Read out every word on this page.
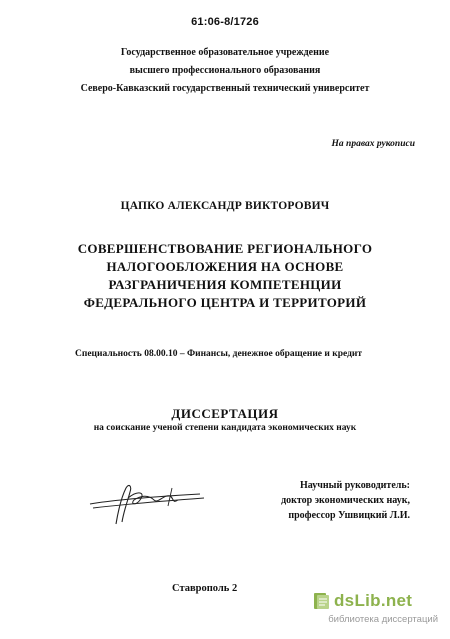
61:06-8/1726
Государственное образовательное учреждение
высшего профессионального образования
Северо-Кавказский государственный технический университет
На правах рукописи
ЦАПКО АЛЕКСАНДР ВИКТОРОВИЧ
СОВЕРШЕНСТВОВАНИЕ РЕГИОНАЛЬНОГО
НАЛОГООБЛОЖЕНИЯ НА ОСНОВЕ
РАЗГРАНИЧЕНИЯ КОМПЕТЕНЦИИ
ФЕДЕРАЛЬНОГО ЦЕНТРА И ТЕРРИТОРИЙ
Специальность 08.00.10 – Финансы, денежное обращение и кредит
ДИССЕРТАЦИЯ
на соискание ученой степени кандидата экономических наук
Научный руководитель:
доктор экономических наук,
профессор Ушвицкий Л.И.
Ставрополь 2
dsLib.net
библиотека диссертаций
